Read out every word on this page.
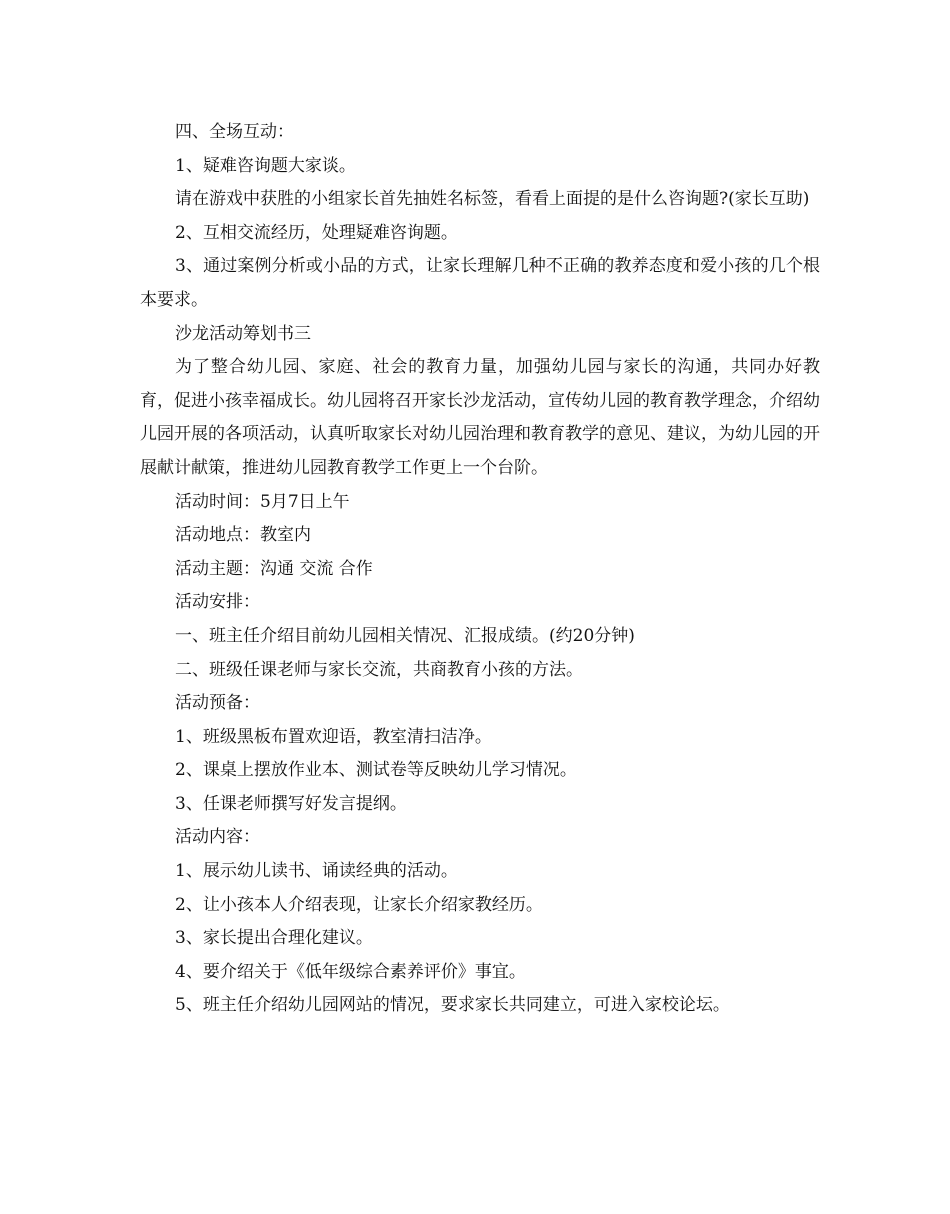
四、全场互动：

1、疑难咨询题大家谈。

请在游戏中获胜的小组家长首先抽姓名标签，看看上面提的是什么咨询题?(家长互助)

2、互相交流经历，处理疑难咨询题。

3、通过案例分析或小品的方式，让家长理解几种不正确的教养态度和爱小孩的几个根本要求。

沙龙活动筹划书三

为了整合幼儿园、家庭、社会的教育力量，加强幼儿园与家长的沟通，共同办好教育，促进小孩幸福成长。幼儿园将召开家长沙龙活动，宣传幼儿园的教育教学理念，介绍幼儿园开展的各项活动，认真听取家长对幼儿园治理和教育教学的意见、建议，为幼儿园的开展献计献策，推进幼儿园教育教学工作更上一个台阶。

活动时间：5月7日上午

活动地点：教室内

活动主题：沟通 交流 合作

活动安排：

一、班主任介绍目前幼儿园相关情况、汇报成绩。(约20分钟)

二、班级任课老师与家长交流，共商教育小孩的方法。

活动预备：

1、班级黑板布置欢迎语，教室清扫洁净。

2、课桌上摆放作业本、测试卷等反映幼儿学习情况。

3、任课老师撰写好发言提纲。

活动内容：

1、展示幼儿读书、诵读经典的活动。

2、让小孩本人介绍表现，让家长介绍家教经历。

3、家长提出合理化建议。

4、要介绍关于《低年级综合素养评价》事宜。

5、班主任介绍幼儿园网站的情况，要求家长共同建立，可进入家校论坛。
